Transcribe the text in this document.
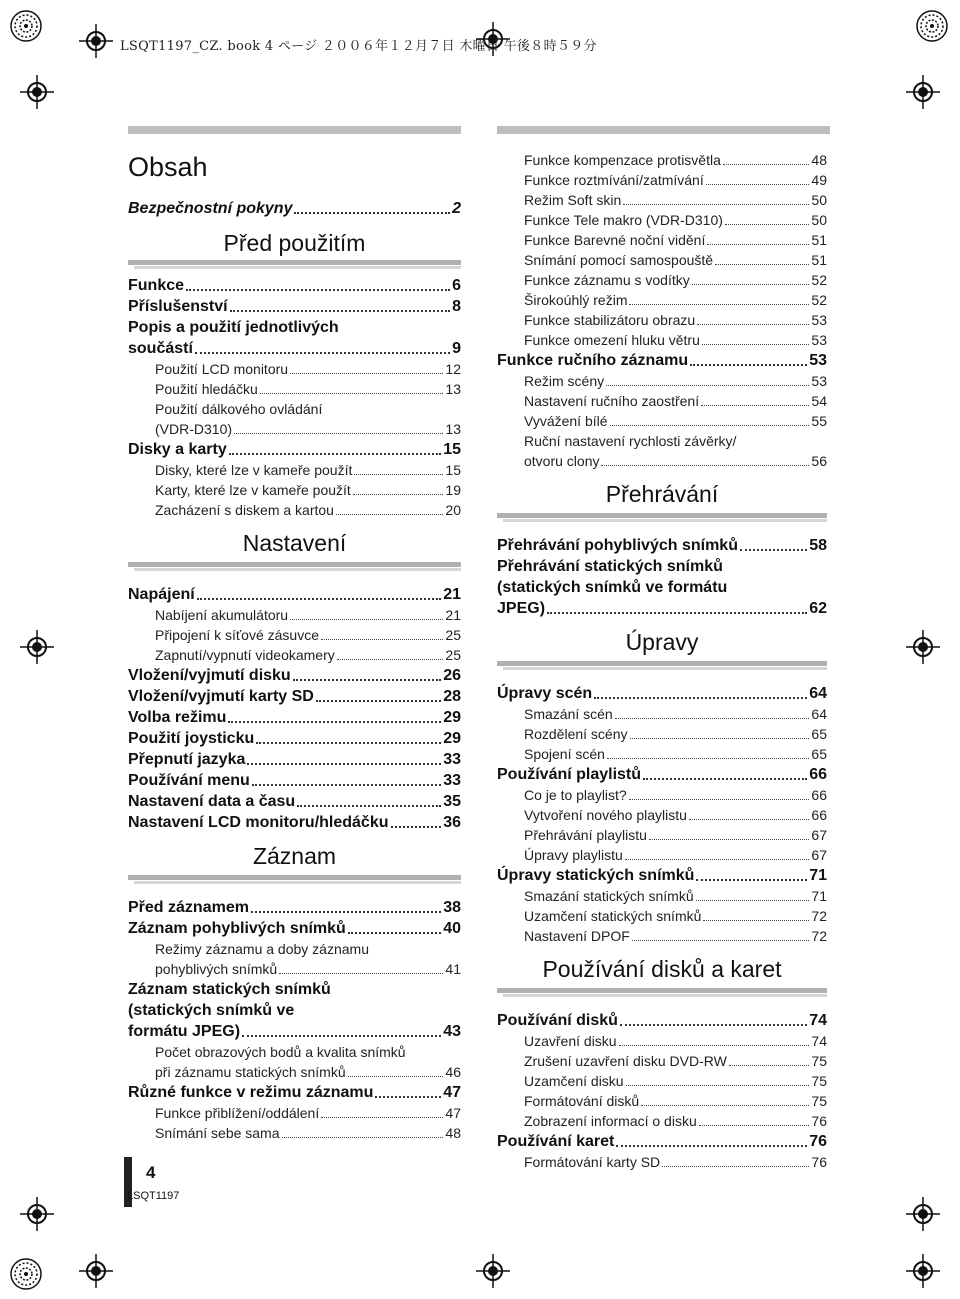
LSQT1197_CZ. book 4 ページ ２００６年１２月７日 木曜日 午後８時５９分
Obsah
Bezpečnostní pokyny	2
Před použitím
Funkce	6
Příslušenství	8
Popis a použití jednotlivých
součástí	9
Použití LCD monitoru	12
Použití hledáčku	13
Použití dálkového ovládání
(VDR-D310)	13
Disky a karty	15
Disky, které lze v kameře použít	15
Karty, které lze v kameře použít	19
Zacházení s diskem a kartou	20
Nastavení
Napájení	21
Nabíjení akumulátoru	21
Připojení k síťové zásuvce	25
Zapnutí/vypnutí videokamery	25
Vložení/vyjmutí disku	26
Vložení/vyjmutí karty SD	28
Volba režimu	29
Použití joysticku	29
Přepnutí jazyka	33
Používání menu	33
Nastavení data a času	35
Nastavení LCD monitoru/hledáčku	36
Záznam
Před záznamem	38
Záznam pohyblivých snímků	40
Režimy záznamu a doby záznamu
pohyblivých snímků	41
Záznam statických snímků
(statických snímků ve
formátu JPEG)	43
Počet obrazových bodů a kvalita snímků
při záznamu statických snímků	46
Různé funkce v režimu záznamu	47
Funkce přiblížení/oddálení	47
Snímání sebe sama	48
Funkce kompenzace protisvětla	48
Funkce roztmívání/zatmívání	49
Režim Soft skin	50
Funkce Tele makro (VDR-D310)	50
Funkce Barevné noční vidění	51
Snímání pomocí samospouště	51
Funkce záznamu s vodítky	52
Širokoúhlý režim	52
Funkce stabilizátoru obrazu	53
Funkce omezení hluku větru	53
Funkce ručního záznamu	53
Režim scény	53
Nastavení ručního zaostření	54
Vyvážení bílé	55
Ruční nastavení rychlosti závěrky/
otvoru clony	56
Přehrávání
Přehrávání pohyblivých snímků	58
Přehrávání statických snímků
(statických snímků ve formátu
JPEG)	62
Úpravy
Úpravy scén	64
Smazání scén	64
Rozdělení scény	65
Spojení scén	65
Používání playlistů	66
Co je to playlist?	66
Vytvoření nového playlistu	66
Přehrávání playlistu	67
Úpravy playlistu	67
Úpravy statických snímků	71
Smazání statických snímků	71
Uzamčení statických snímků	72
Nastavení DPOF	72
Používání disků a karet
Používání disků	74
Uzavření disku	74
Zrušení uzavření disku DVD-RW	75
Uzamčení disku	75
Formátování disků	75
Zobrazení informací o disku	76
Používání karet	76
Formátování karty SD	76
4
LSQT1197
